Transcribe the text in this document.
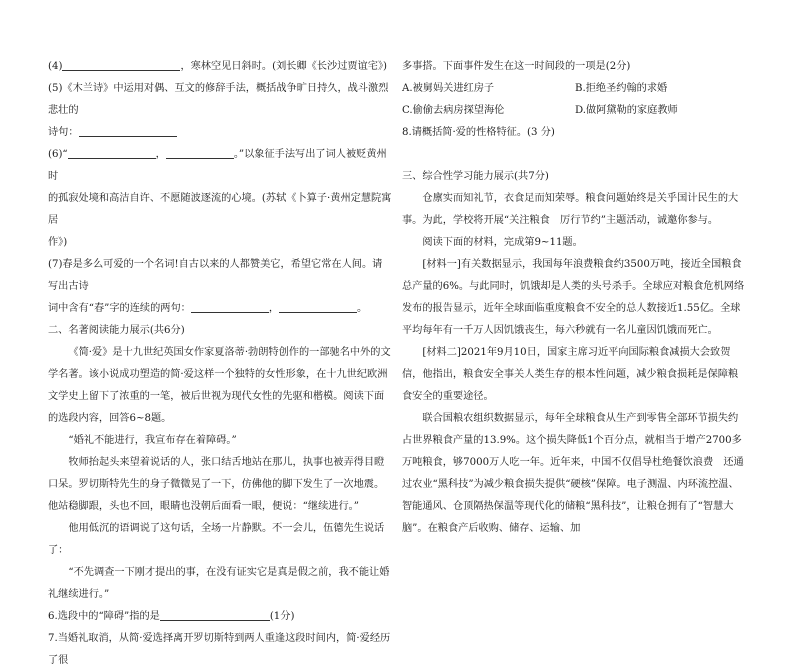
(4)	，寒林空见日斜时。(刘长卿《长沙过贾谊宅》)

(5)《木兰诗》中运用对偶、互文的修辞手法，概括战争旷日持久，战斗激烈悲壮的

诗句：

(6)“	，	。”以象征手法写出了词人被贬黄州时

的孤寂处境和高洁自许、不愿随波逐流的心境。(苏轼《卜算子·黄州定慧院寓居

作》)

(7)春是多么可爱的一个名词!自古以来的人都赞美它，希望它常在人间。请写出古诗

词中含有“春”字的连续的两句：	，	。

二、名著阅读能力展示(共6分)

《简·爱》是十九世纪英国女作家夏洛蒂·勃朗特创作的一部驰名中外的文学名著。该小说成功塑造的简·爱这样一个独特的女性形象，在十九世纪欧洲文学史上留下了浓重的一笔，被后世视为现代女性的先驱和楷模。阅读下面的选段内容，回答6~8题。

“婚礼不能进行，我宣布存在着障碍。”

牧师抬起头来望着说话的人，张口结舌地站在那儿，执事也被弄得目瞪口呆。罗切斯特先生的身子微微晃了一下，仿佛他的脚下发生了一次地震。他站稳脚跟，头也不回，眼睛也没朝后面看一眼，便说：“继续进行。”

他用低沉的语调说了这句话，全场一片静默。不一会儿，伍德先生说话了：

“不先调查一下刚才提出的事，在没有证实它是真是假之前，我不能让婚礼继续进行。”

6.选段中的“障碍”指的是	(1分)

7.当婚礼取消，从简·爱选择离开罗切斯特到两人重逢这段时间内，简·爱经历了很

多事搭。下面事件发生在这一时间段的一项是(2分)

A.被舅妈关进红房子	B.拒绝圣约翰的求婚
C.偷偷去病房探望海伦	D.做阿黛勒的家庭教师

8.请概括简·爱的性格特征。(3 分)

三、综合性学习能力展示(共7分)

仓廪实而知礼节，衣食足而知荣辱。粮食问题始终是关乎国计民生的大事。为此，学校将开展“关注粮食　厉行节约”主题活动，诚邀你参与。

阅读下面的材料，完成第9~11题。

[材料一]有关数据显示，我国每年浪费粮食约3500万吨，接近全国粮食总产量的6%。与此同时，饥饿却是人类的头号杀手。全球应对粮食危机网络发布的报告显示，近年全球面临重度粮食不安全的总人数接近1.55亿。全球平均每年有一千万人因饥饿丧生，每六秒就有一名儿童因饥饿而死亡。

[材料二]2021年9月10日，国家主席习近平向国际粮食减损大会致贺信，他指出，粮食安全事关人类生存的根本性问题，减少粮食损耗是保障粮食安全的重要途径。

联合国粮农组织数据显示，每年全球粮食从生产到零售全部环节损失约占世界粮食产量的13.9%。这个损失降低1个百分点，就相当于增产2700多万吨粮食，够7000万人吃一年。近年来，中国不仅倡导杜绝餐饮浪费　还通过农业“黑科技”为减少粮食损失提供“硬核”保障。电子测温、内环流控温、智能通风、仓顶隔热保温等现代化的储粮“黑科技”，让粮仓拥有了“智慧大脑”。在粮食产后收购、储存、运输、加
